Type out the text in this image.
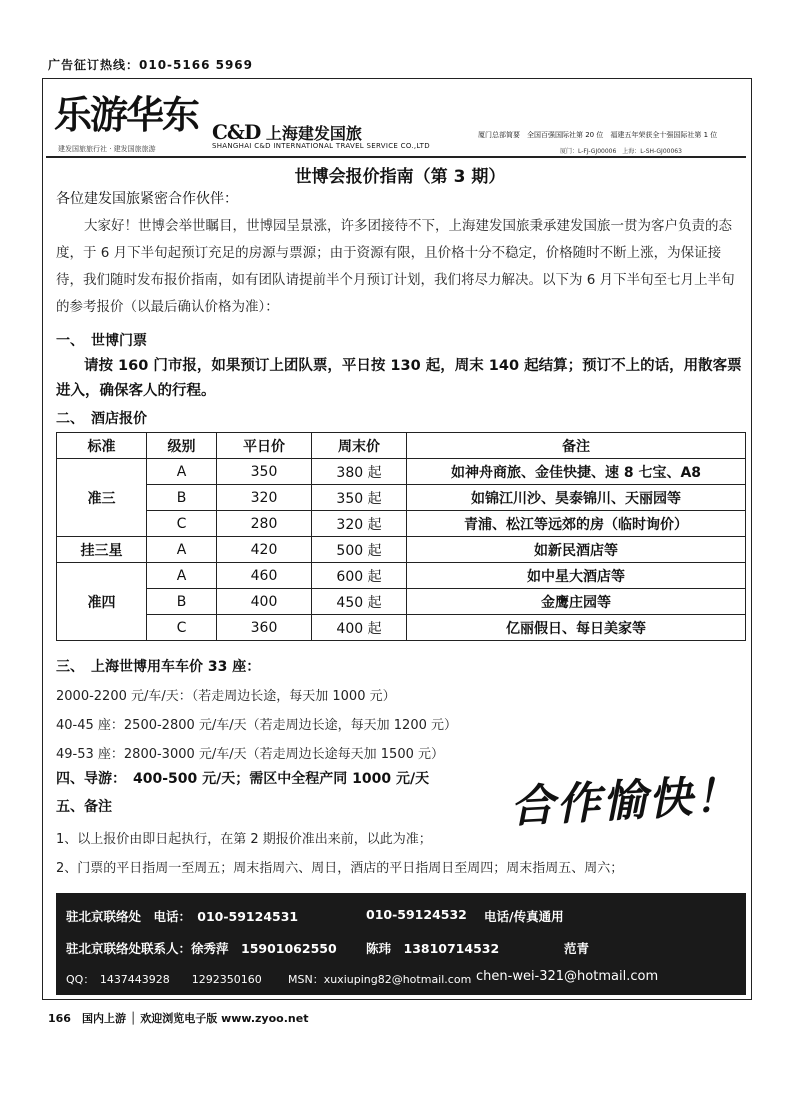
广告征订热线：010-5166 5969
乐游华东
建发国旅旅行社 · 建发国旅旅游
C&D 上海建发国旅
SHANGHAI C&D INTERNATIONAL TRAVEL SERVICE CO.,LTD
厦门总部简要　全国百强国际社第 20 位　福建五年荣获全十强国际社第 1 位
厦门：L-FJ-GJ00006　上海：L-SH-GJ00063
世博会报价指南（第 3 期）
各位建发国旅紧密合作伙伴：
大家好！世博会举世瞩目，世博园呈景涨，许多团接待不下，上海建发国旅秉承建发国旅一贯为客户负责的态度，于 6 月下半旬起预订充足的房源与票源；由于资源有限，且价格十分不稳定，价格随时不断上涨，为保证接待，我们随时发布报价指南，如有团队请提前半个月预订计划，我们将尽力解决。以下为 6 月下半旬至七月上半旬的参考报价（以最后确认价格为准）：
一、　世博门票
请按 160 门市报，如果预订上团队票，平日按 130 起，周末 140 起结算；预订不上的话，用散客票进入，确保客人的行程。
二、　酒店报价
标准	级别	平日价	周末价	备注
准三	A	350	380 起	如神舟商旅、金佳快捷、速 8 七宝、A8
	B	320	350 起	如锦江川沙、昊泰锦川、天丽园等
	C	280	320 起	青浦、松江等远郊的房（临时询价）
挂三星	A	420	500 起	如新民酒店等
准四	A	460	600 起	如中星大酒店等
	B	400	450 起	金鹰庄园等
	C	360	400 起	亿丽假日、每日美家等
三、　上海世博用车车价 33 座：
2000-2200 元/车/天：（若走周边长途，每天加 1000 元）
40-45 座：2500-2800 元/车/天（若走周边长途，每天加 1200 元）
49-53 座：2800-3000 元/车/天（若走周边长途每天加 1500 元）
四、导游：　400-500 元/天；需区中全程产同 1000 元/天
五、备注
1、以上报价由即日起执行，在第 2 期报价准出来前，以此为准；
2、门票的平日指周一至周五；周末指周六、周日，酒店的平日指周日至周四；周末指周五、周六；
合作愉快！
驻北京联络处　电话：　010-59124531	010-59124532 电话/传真通用
驻北京联络处联系人：徐秀萍　15901062550 陈玮　13810714532	范青
QQ：　1437443928　　1292350160 MSN：xuxiuping82@hotmail.com chen-wei-321@hotmail.com
166　国内上游 │ 欢迎浏览电子版 www.zyoo.net
